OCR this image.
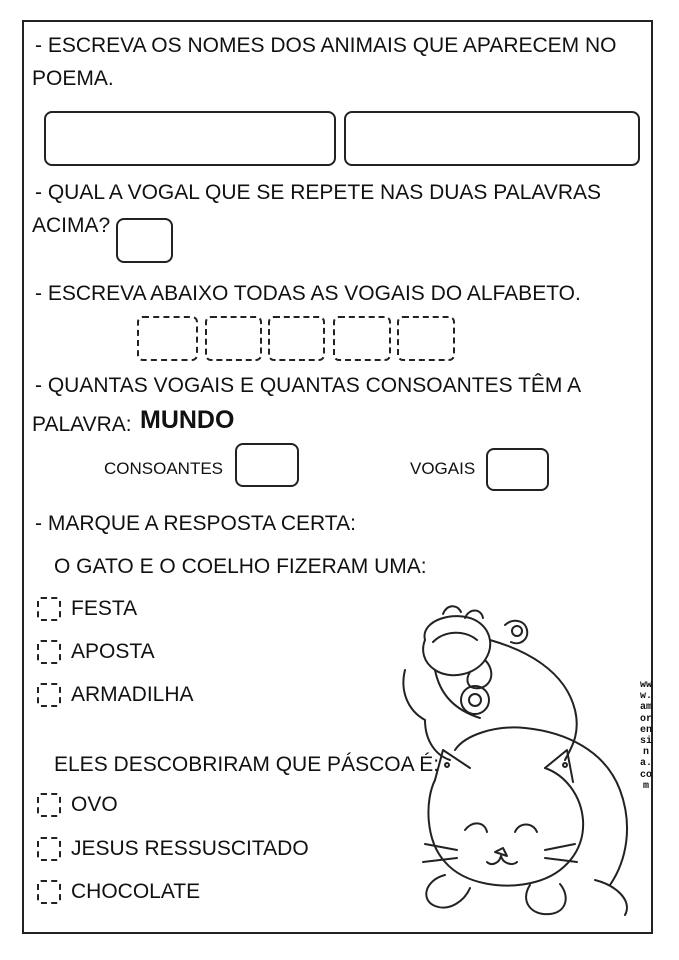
- ESCREVA OS NOMES DOS ANIMAIS QUE APARECEM NO
POEMA.
- QUAL A VOGAL QUE SE REPETE NAS DUAS PALAVRAS
ACIMA?
- ESCREVA ABAIXO TODAS AS VOGAIS DO ALFABETO.
- QUANTAS VOGAIS E QUANTAS CONSOANTES TÊM A
PALAVRA: MUNDO
CONSOANTES	VOGAIS
- MARQUE A RESPOSTA CERTA:
O GATO E O COELHO FIZERAM UMA:
FESTA
APOSTA
ARMADILHA
ELES DESCOBRIRAM QUE PÁSCOA É:
OVO
JESUS RESSUSCITADO
CHOCOLATE
www.amorensina.com
